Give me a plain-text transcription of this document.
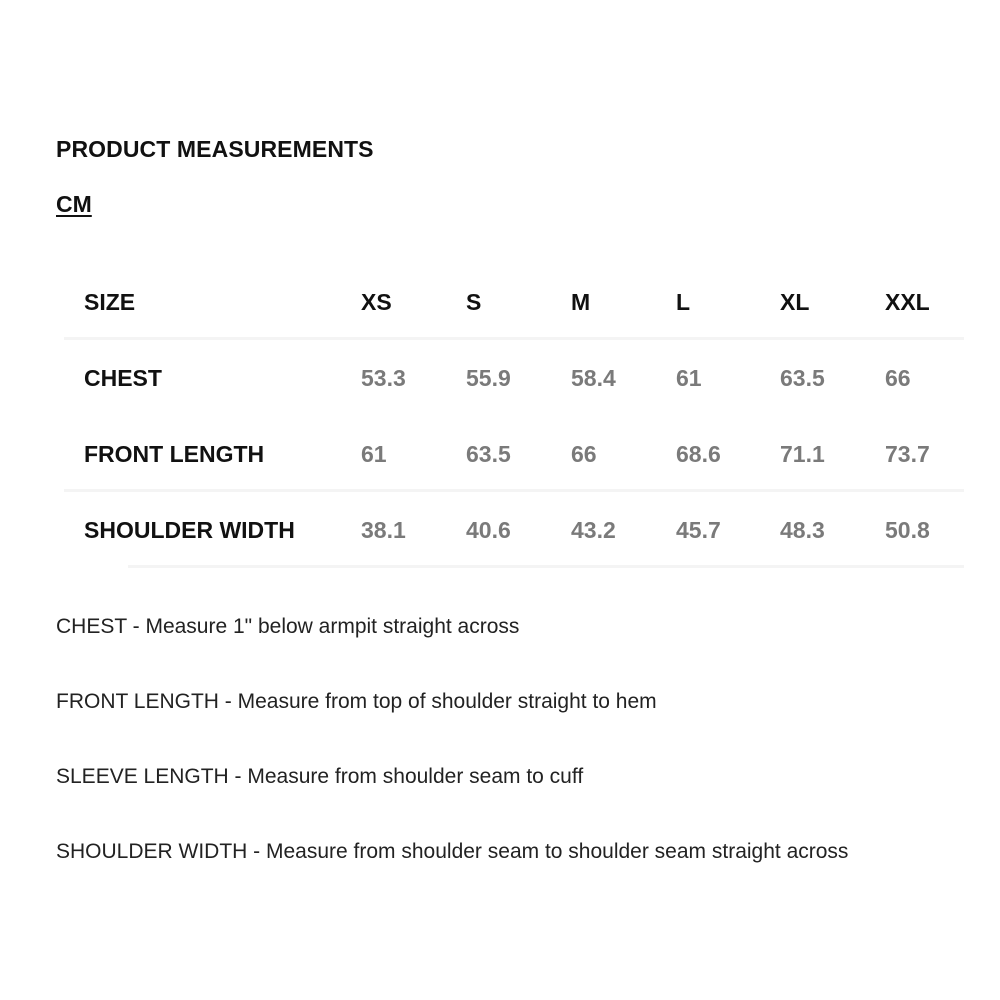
PRODUCT MEASUREMENTS
CM
SIZE	XS	S	M	L	XL	XXL
CHEST	53.3	55.9	58.4	61	63.5	66
FRONT LENGTH	61	63.5	66	68.6	71.1	73.7
SHOULDER WIDTH	38.1	40.6	43.2	45.7	48.3	50.8
CHEST - Measure 1" below armpit straight across
FRONT LENGTH - Measure from top of shoulder straight to hem
SLEEVE LENGTH - Measure from shoulder seam to cuff
SHOULDER WIDTH - Measure from shoulder seam to shoulder seam straight across
